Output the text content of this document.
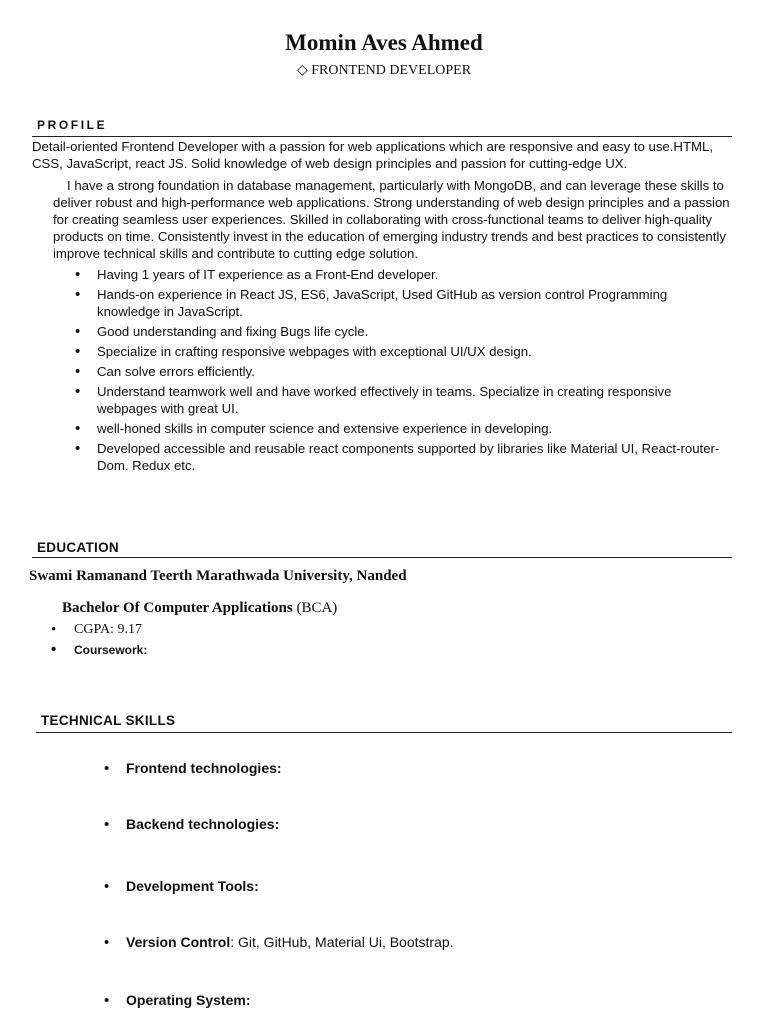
Momin Aves Ahmed
◇ FRONTEND DEVELOPER
PROFILE
Detail-oriented Frontend Developer with a passion for web applications which are responsive and easy to use.HTML, CSS, JavaScript, react JS. Solid knowledge of web design principles and passion for cutting-edge UX.
I have a strong foundation in database management, particularly with MongoDB, and can leverage these skills to deliver robust and high-performance web applications. Strong understanding of web design principles and a passion for creating seamless user experiences. Skilled in collaborating with cross-functional teams to deliver high-quality products on time. Consistently invest in the education of emerging industry trends and best practices to consistently improve technical skills and contribute to cutting edge solution.
• Having 1 years of IT experience as a Front-End developer.
• Hands-on experience in React JS, ES6, JavaScript, Used GitHub as version control Programming knowledge in JavaScript.
• Good understanding and fixing Bugs life cycle.
• Specialize in crafting responsive webpages with exceptional UI/UX design.
• Can solve errors efficiently.
• Understand teamwork well and have worked effectively in teams. Specialize in creating responsive webpages with great UI.
• well-honed skills in computer science and extensive experience in developing.
• Developed accessible and reusable react components supported by libraries like Material UI, React-router-Dom. Redux etc.
EDUCATION
Swami Ramanand Teerth Marathwada University, Nanded
Bachelor Of Computer Applications (BCA)
• CGPA: 9.17
• Coursework:
TECHNICAL SKILLS
• Frontend technologies:
• Backend technologies:
• Development Tools:
• Version Control: Git, GitHub, Material Ui, Bootstrap.
• Operating System:
